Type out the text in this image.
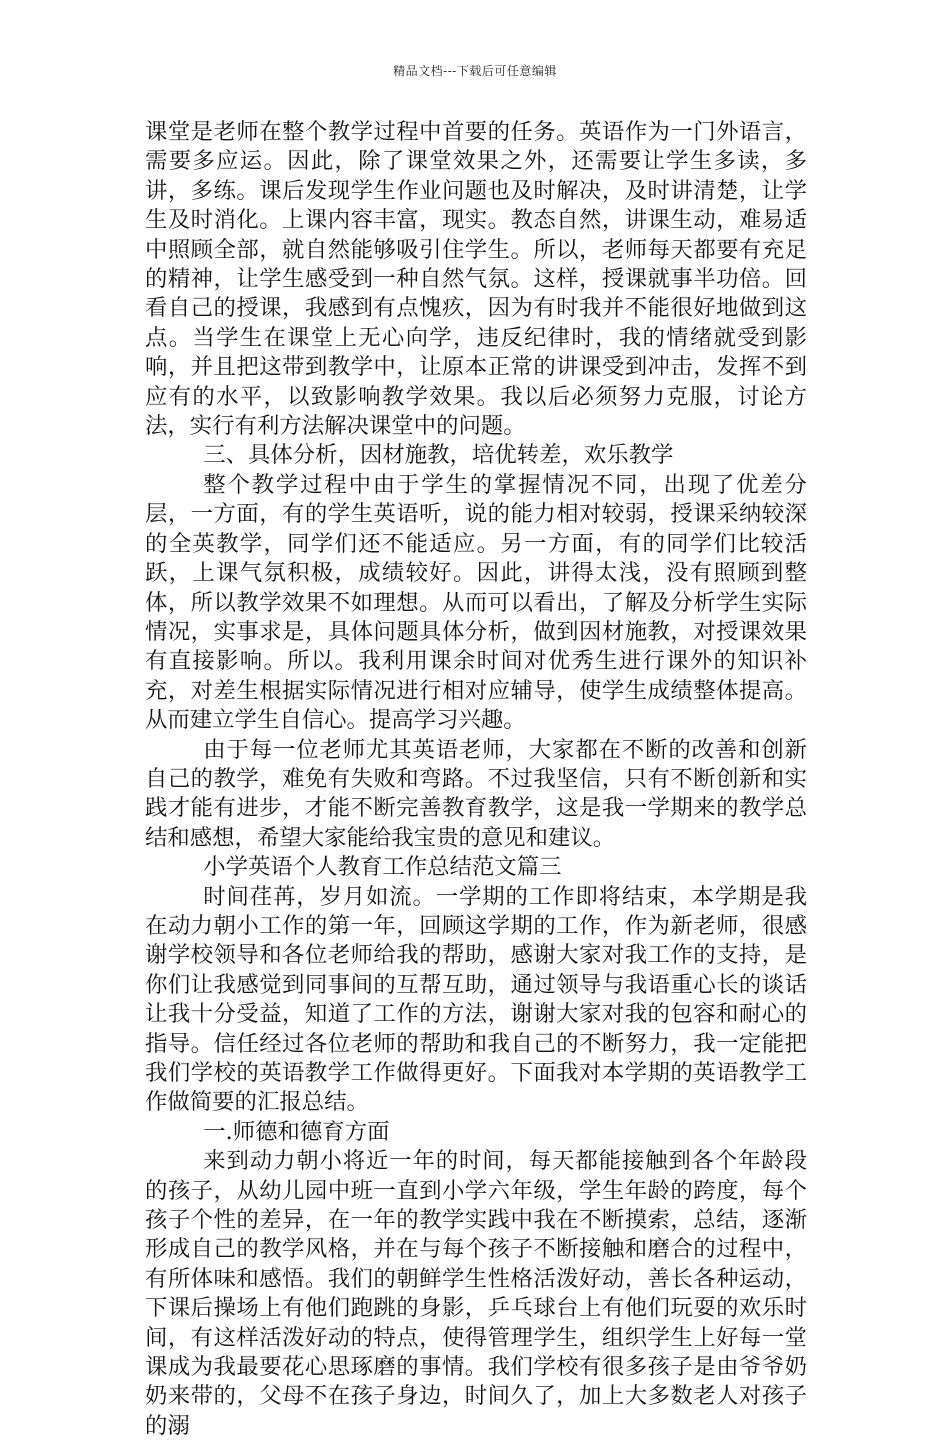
精品文档---下载后可任意编辑

课堂是老师在整个教学过程中首要的任务。英语作为一门外语言，需要多应运。因此，除了课堂效果之外，还需要让学生多读，多讲，多练。课后发现学生作业问题也及时解决，及时讲清楚，让学生及时消化。上课内容丰富，现实。教态自然，讲课生动，难易适中照顾全部，就自然能够吸引住学生。所以，老师每天都要有充足的精神，让学生感受到一种自然气氛。这样，授课就事半功倍。回看自己的授课，我感到有点愧疚，因为有时我并不能很好地做到这点。当学生在课堂上无心向学，违反纪律时，我的情绪就受到影响，并且把这带到教学中，让原本正常的讲课受到冲击，发挥不到应有的水平，以致影响教学效果。我以后必须努力克服，讨论方法，实行有利方法解决课堂中的问题。

三、具体分析，因材施教，培优转差，欢乐教学

整个教学过程中由于学生的掌握情况不同，出现了优差分层，一方面，有的学生英语听，说的能力相对较弱，授课采纳较深的全英教学，同学们还不能适应。另一方面，有的同学们比较活跃，上课气氛积极，成绩较好。因此，讲得太浅，没有照顾到整体，所以教学效果不如理想。从而可以看出，了解及分析学生实际情况，实事求是，具体问题具体分析，做到因材施教，对授课效果有直接影响。所以。我利用课余时间对优秀生进行课外的知识补充，对差生根据实际情况进行相对应辅导，使学生成绩整体提高。从而建立学生自信心。提高学习兴趣。

由于每一位老师尤其英语老师，大家都在不断的改善和创新自己的教学，难免有失败和弯路。不过我坚信，只有不断创新和实践才能有进步，才能不断完善教育教学，这是我一学期来的教学总结和感想，希望大家能给我宝贵的意见和建议。

小学英语个人教育工作总结范文篇三

时间荏苒，岁月如流。一学期的工作即将结束，本学期是我在动力朝小工作的第一年，回顾这学期的工作，作为新老师，很感谢学校领导和各位老师给我的帮助，感谢大家对我工作的支持，是你们让我感觉到同事间的互帮互助，通过领导与我语重心长的谈话让我十分受益，知道了工作的方法，谢谢大家对我的包容和耐心的指导。信任经过各位老师的帮助和我自己的不断努力，我一定能把我们学校的英语教学工作做得更好。下面我对本学期的英语教学工作做简要的汇报总结。

一.师德和德育方面

来到动力朝小将近一年的时间，每天都能接触到各个年龄段的孩子，从幼儿园中班一直到小学六年级，学生年龄的跨度，每个孩子个性的差异，在一年的教学实践中我在不断摸索，总结，逐渐形成自己的教学风格，并在与每个孩子不断接触和磨合的过程中，有所体味和感悟。我们的朝鲜学生性格活泼好动，善长各种运动，下课后操场上有他们跑跳的身影，乒乓球台上有他们玩耍的欢乐时间，有这样活泼好动的特点，使得管理学生，组织学生上好每一堂课成为我最要花心思琢磨的事情。我们学校有很多孩子是由爷爷奶奶来带的，父母不在孩子身边，时间久了，加上大多数老人对孩子的溺
